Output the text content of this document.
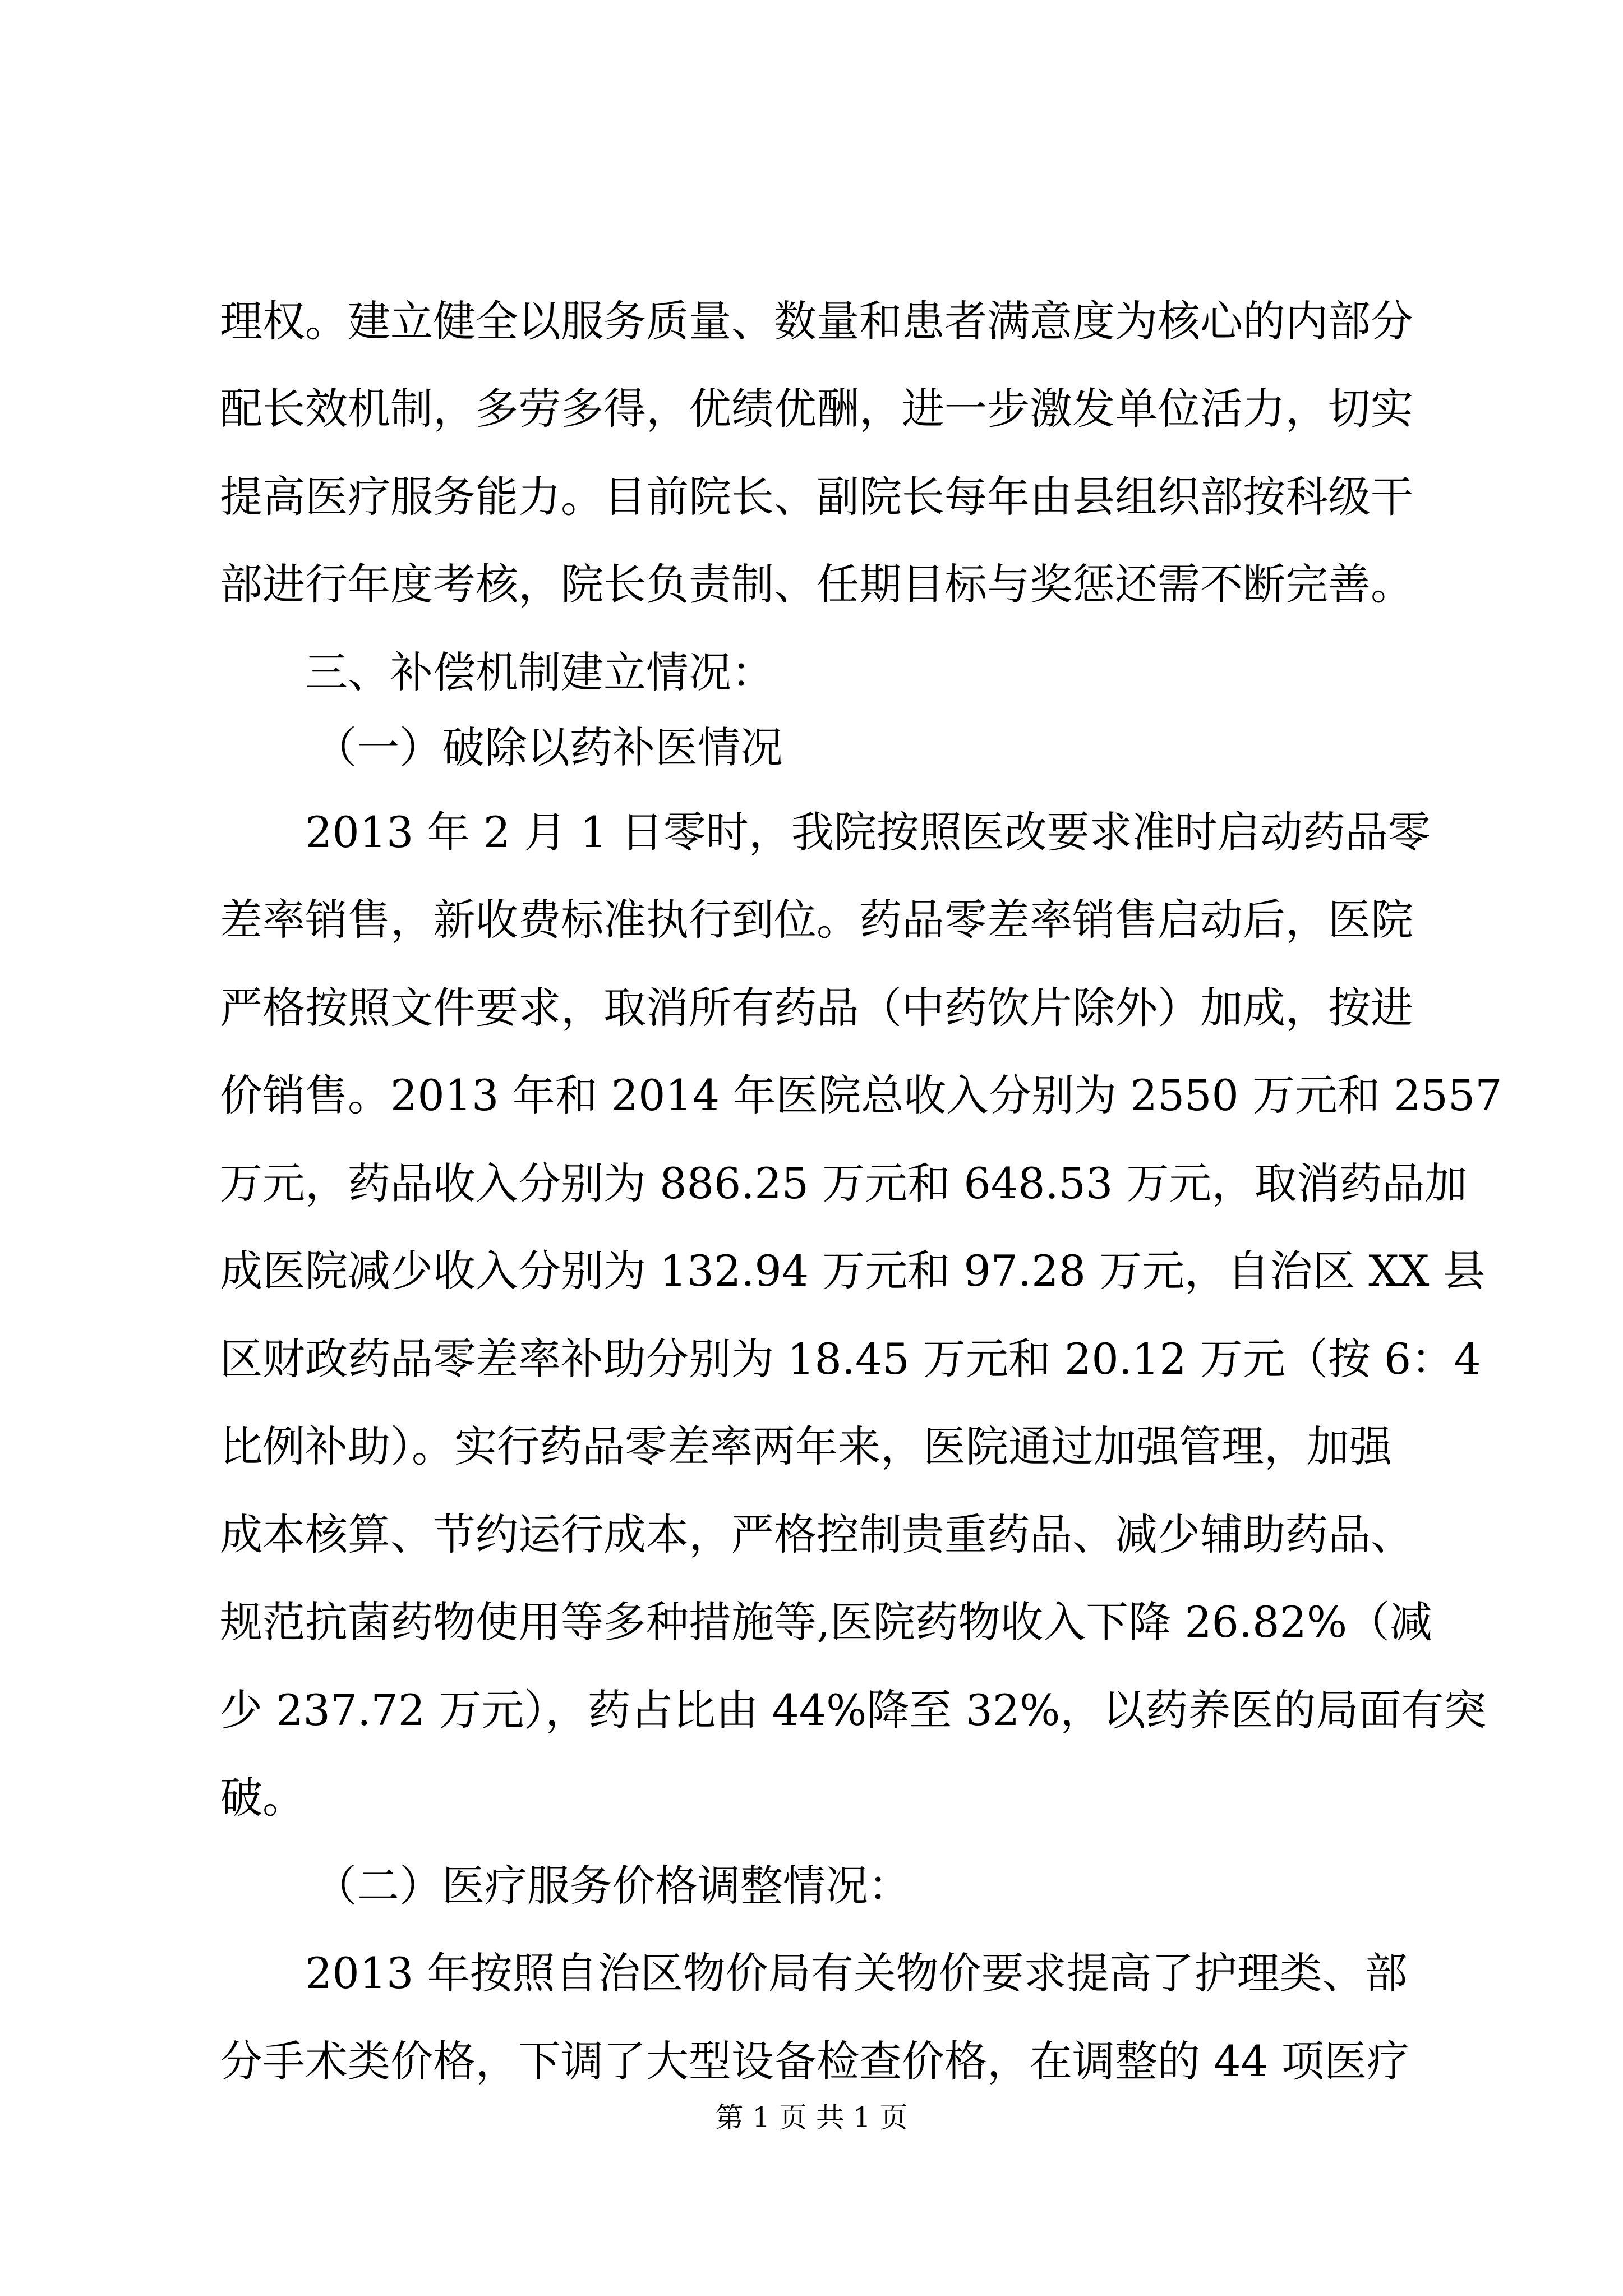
理权。建立健全以服务质量、数量和患者满意度为核心的内部分
配长效机制，多劳多得，优绩优酬，进一步激发单位活力，切实
提高医疗服务能力。目前院长、副院长每年由县组织部按科级干
部进行年度考核，院长负责制、任期目标与奖惩还需不断完善。
三、补偿机制建立情况：
（一）破除以药补医情况
2013 年 2 月 1 日零时，我院按照医改要求准时启动药品零
差率销售，新收费标准执行到位。药品零差率销售启动后，医院
严格按照文件要求，取消所有药品（中药饮片除外）加成，按进
价销售。2013 年和 2014 年医院总收入分别为 2550 万元和 2557
万元，药品收入分别为 886.25 万元和 648.53 万元，取消药品加
成医院减少收入分别为 132.94 万元和 97.28 万元，自治区 XX 县
区财政药品零差率补助分别为 18.45 万元和 20.12 万元（按 6：4
比例补助）。实行药品零差率两年来，医院通过加强管理，加强
成本核算、节约运行成本，严格控制贵重药品、减少辅助药品、
规范抗菌药物使用等多种措施等,医院药物收入下降 26.82%（减
少 237.72 万元），药占比由 44%降至 32%，以药养医的局面有突
破。
（二）医疗服务价格调整情况：
2013 年按照自治区物价局有关物价要求提高了护理类、部
分手术类价格，下调了大型设备检查价格，在调整的 44 项医疗
第 1 页 共 1 页
